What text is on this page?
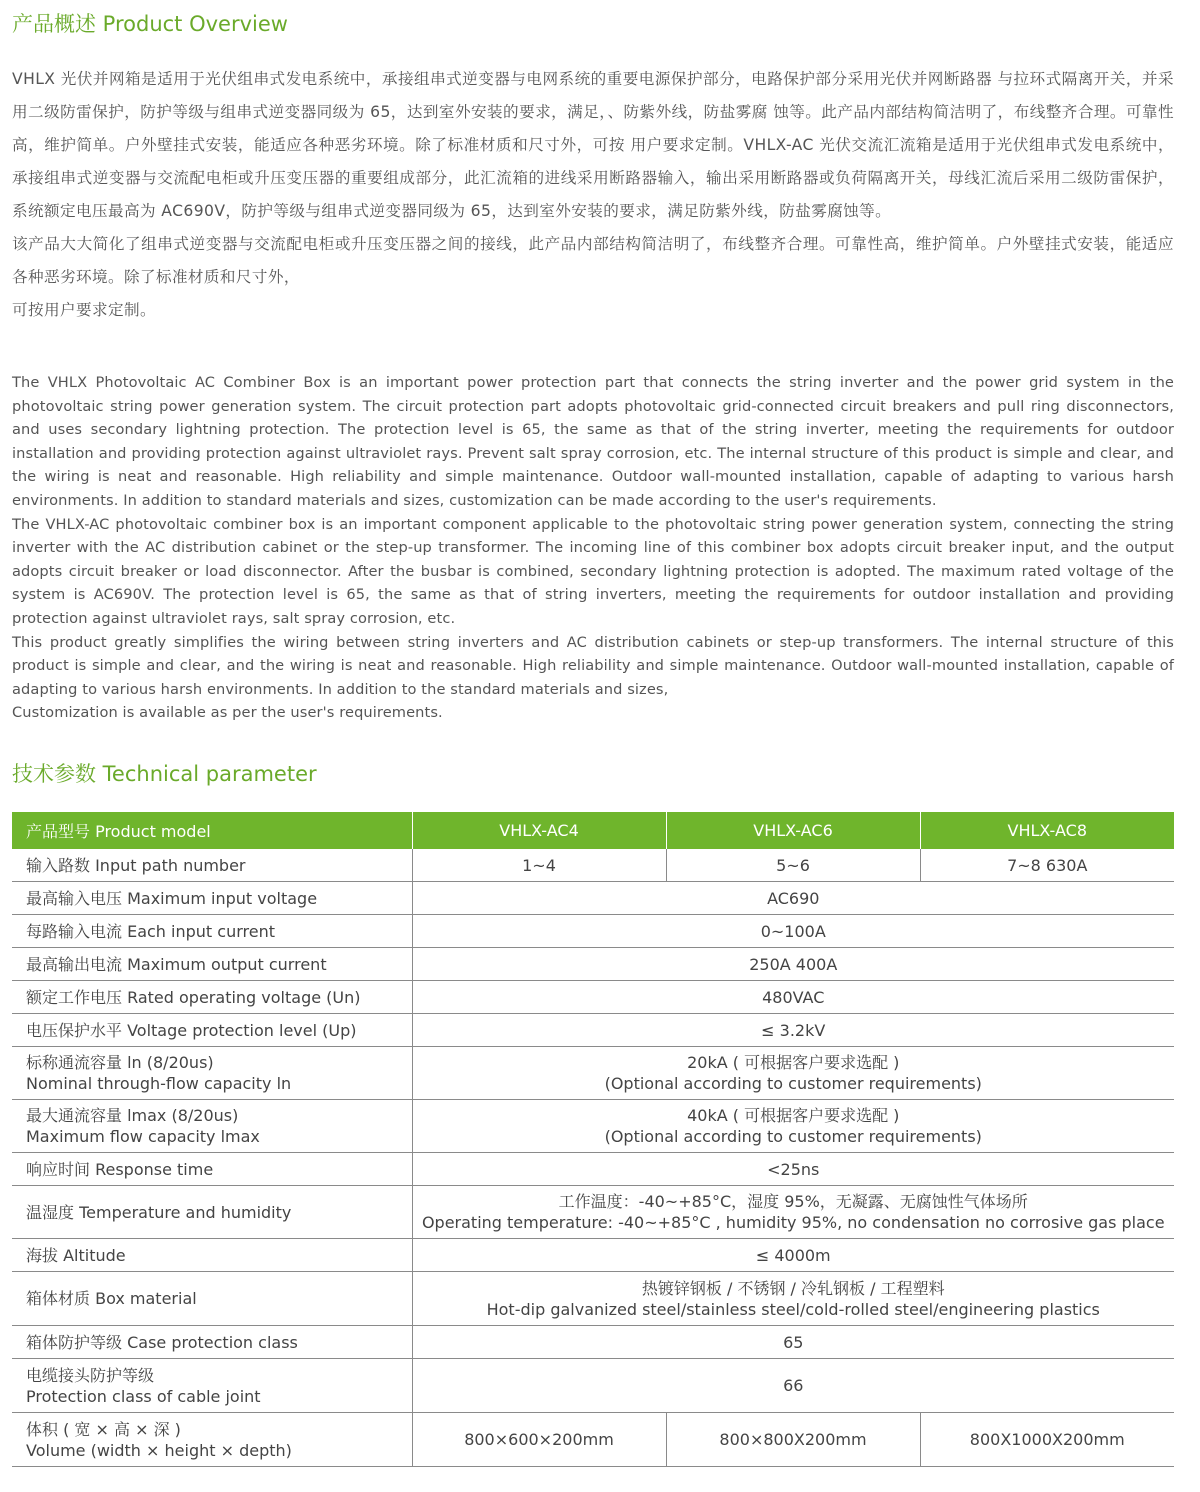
产品概述 Product Overview

VHLX 光伏并网箱是适用于光伏组串式发电系统中，承接组串式逆变器与电网系统的重要电源保护部分，电路保护部分采用光伏并网断路器 与拉环式隔离开关，并采用二级防雷保护，防护等级与组串式逆变器同级为 65，达到室外安装的要求，满足，、防紫外线，防盐雾腐 蚀等。此产品内部结构简洁明了，布线整齐合理。可靠性高，维护简单。户外壁挂式安装，能适应各种恶劣环境。除了标准材质和尺寸外，可按 用户要求定制。VHLX-AC 光伏交流汇流箱是适用于光伏组串式发电系统中，承接组串式逆变器与交流配电柜或升压变压器的重要组成部分，此汇流箱的进线采用断路器输入，输出采用断路器或负荷隔离开关，母线汇流后采用二级防雷保护，系统额定电压最高为 AC690V，防护等级与组串式逆变器同级为 65，达到室外安装的要求，满足防紫外线，防盐雾腐蚀等。

该产品大大简化了组串式逆变器与交流配电柜或升压变压器之间的接线，此产品内部结构简洁明了，布线整齐合理。可靠性高，维护简单。户外壁挂式安装，能适应各种恶劣环境。除了标准材质和尺寸外，

可按用户要求定制。

The VHLX Photovoltaic AC Combiner Box is an important power protection part that connects the string inverter and the power grid system in the photovoltaic string power generation system. The circuit protection part adopts photovoltaic grid-connected circuit breakers and pull ring disconnectors, and uses secondary lightning protection. The protection level is 65, the same as that of the string inverter, meeting the requirements for outdoor installation and providing protection against ultraviolet rays. Prevent salt spray corrosion, etc. The internal structure of this product is simple and clear, and the wiring is neat and reasonable. High reliability and simple maintenance. Outdoor wall-mounted installation, capable of adapting to various harsh environments. In addition to standard materials and sizes, customization can be made according to the user's requirements.

The VHLX-AC photovoltaic combiner box is an important component applicable to the photovoltaic string power generation system, connecting the string inverter with the AC distribution cabinet or the step-up transformer. The incoming line of this combiner box adopts circuit breaker input, and the output adopts circuit breaker or load disconnector. After the busbar is combined, secondary lightning protection is adopted. The maximum rated voltage of the system is AC690V. The protection level is 65, the same as that of string inverters, meeting the requirements for outdoor installation and providing protection against ultraviolet rays, salt spray corrosion, etc.

This product greatly simplifies the wiring between string inverters and AC distribution cabinets or step-up transformers. The internal structure of this product is simple and clear, and the wiring is neat and reasonable. High reliability and simple maintenance. Outdoor wall-mounted installation, capable of adapting to various harsh environments. In addition to the standard materials and sizes,

Customization is available as per the user's requirements.

技术参数 Technical parameter
产品型号 Product model	VHLX-AC4	VHLX-AC6	VHLX-AC8

输入路数 Input path number	1~4	5~6	7~8 630A

最高输入电压 Maximum input voltage	AC690		

每路输入电流 Each input current	0~100A		

最高输出电流 Maximum output current	250A 400A		

额定工作电压 Rated operating voltage (Un)	480VAC		

电压保护水平 Voltage protection level (Up)	≤ 3.2kV		

标称通流容量 ln (8/20us)
Nominal through-flow capacity ln	20kA ( 可根据客户要求选配 )
(Optional according to customer requirements)		

最大通流容量 lmax (8/20us)
Maximum flow capacity lmax	40kA ( 可根据客户要求选配 )
(Optional according to customer requirements)		

响应时间 Response time	<25ns		

温湿度 Temperature and humidity	工作温度：-40~+85°C，湿度 95%，无凝露、无腐蚀性气体场所
Operating temperature: -40~+85°C , humidity 95%, no condensation no corrosive gas place		

海拔 Altitude	≤ 4000m		

箱体材质 Box material	热镀锌钢板 / 不锈钢 / 冷轧钢板 / 工程塑料
Hot-dip galvanized steel/stainless steel/cold-rolled steel/engineering plastics		

箱体防护等级 Case protection class	65		

电缆接头防护等级
Protection class of cable joint	66		

体积 ( 宽 × 高 × 深 )
Volume (width × height × depth)	800×600×200mm	800×800X200mm	800X1000X200mm
